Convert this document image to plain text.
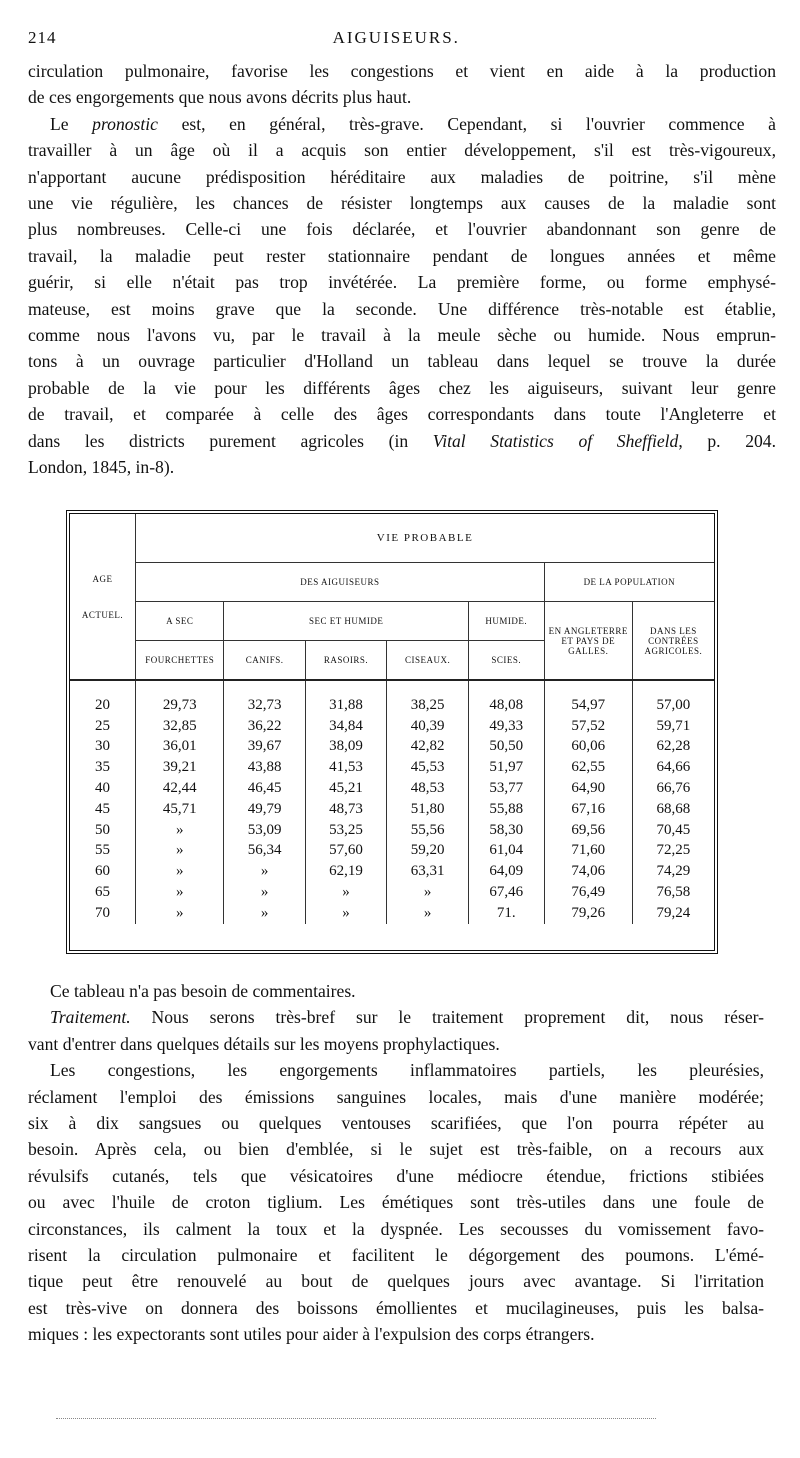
214	AIGUISEURS.

circulation pulmonaire, favorise les congestions et vient en aide à la production
de ces engorgements que nous avons décrits plus haut.

Le pronostic est, en général, très-grave. Cependant, si l'ouvrier commence à
travailler à un âge où il a acquis son entier développement, s'il est très-vigoureux,
n'apportant aucune prédisposition héréditaire aux maladies de poitrine, s'il mène
une vie régulière, les chances de résister longtemps aux causes de la maladie sont
plus nombreuses. Celle-ci une fois déclarée, et l'ouvrier abandonnant son genre de
travail, la maladie peut rester stationnaire pendant de longues années et même
guérir, si elle n'était pas trop invétérée. La première forme, ou forme emphysé-
mateuse, est moins grave que la seconde. Une différence très-notable est établie,
comme nous l'avons vu, par le travail à la meule sèche ou humide. Nous emprun-
tons à un ouvrage particulier d'Holland un tableau dans lequel se trouve la durée
probable de la vie pour les différents âges chez les aiguiseurs, suivant leur genre
de travail, et comparée à celle des âges correspondants dans toute l'Angleterre et
dans les districts purement agricoles (in Vital Statistics of Sheffield, p. 204.
London, 1845, in-8).

AGE
ACTUEL.	VIE PROBABLE						
	DES AIGUISEURS					DE LA POPULATION	
	A SEC	SEC ET HUMIDE			HUMIDE.	EN ANGLETERRE ET PAYS DE GALLES.	DANS LES CONTRÉES AGRICOLES.
	FOURCHETTES	CANIFS.	RASOIRS.	CISEAUX.	SCIES.		
20	29,73	32,73	31,88	38,25	48,08	54,97	57,00
25	32,85	36,22	34,84	40,39	49,33	57,52	59,71
30	36,01	39,67	38,09	42,82	50,50	60,06	62,28
35	39,21	43,88	41,53	45,53	51,97	62,55	64,66
40	42,44	46,45	45,21	48,53	53,77	64,90	66,76
45	45,71	49,79	48,73	51,80	55,88	67,16	68,68
50	»	53,09	53,25	55,56	58,30	69,56	70,45
55	»	56,34	57,60	59,20	61,04	71,60	72,25
60	»	»	62,19	63,31	64,09	74,06	74,29
65	»	»	»	»	67,46	76,49	76,58
70	»	»	»	»	71.	79,26	79,24

Ce tableau n'a pas besoin de commentaires.

Traitement. Nous serons très-bref sur le traitement proprement dit, nous réser-
vant d'entrer dans quelques détails sur les moyens prophylactiques.

Les congestions, les engorgements inflammatoires partiels, les pleurésies,
réclament l'emploi des émissions sanguines locales, mais d'une manière modérée;
six à dix sangsues ou quelques ventouses scarifiées, que l'on pourra répéter au
besoin. Après cela, ou bien d'emblée, si le sujet est très-faible, on a recours aux
révulsifs cutanés, tels que vésicatoires d'une médiocre étendue, frictions stibiées
ou avec l'huile de croton tiglium. Les émétiques sont très-utiles dans une foule de
circonstances, ils calment la toux et la dyspnée. Les secousses du vomissement favo-
risent la circulation pulmonaire et facilitent le dégorgement des poumons. L'émé-
tique peut être renouvelé au bout de quelques jours avec avantage. Si l'irritation
est très-vive on donnera des boissons émollientes et mucilagineuses, puis les balsa-
miques : les expectorants sont utiles pour aider à l'expulsion des corps étrangers.
